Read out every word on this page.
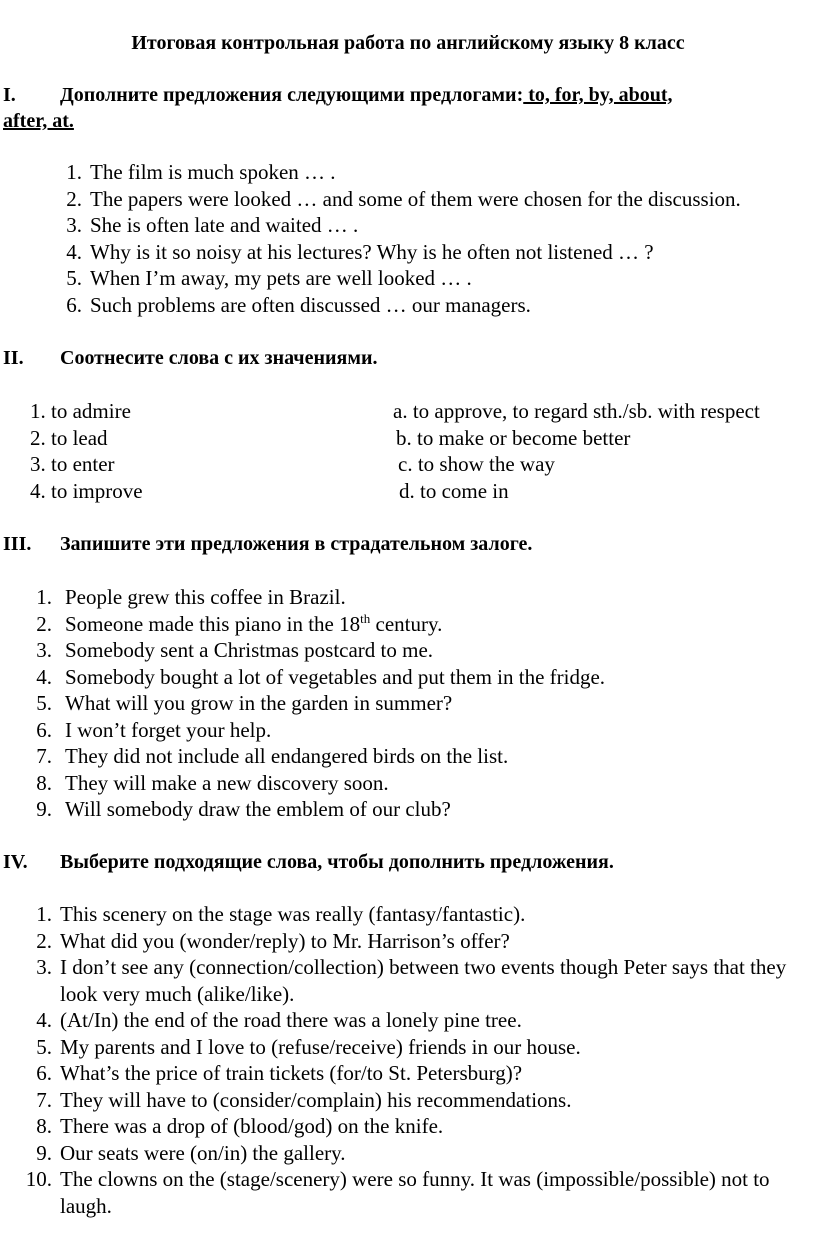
Итоговая контрольная работа по английскому языку 8 класс
I. Дополните предложения следующими предлогами: to, for, by, about,
after, at.
1. The film is much spoken … .
2. The papers were looked … and some of them were chosen for the discussion.
3. She is often late and waited … .
4. Why is it so noisy at his lectures? Why is he often not listened … ?
5. When I’m away, my pets are well looked … .
6. Such problems are often discussed … our managers.
II. Соотнесите слова с их значениями.
1. to admire	a. to approve, to regard sth./sb. with respect
2. to lead	b. to make or become better
3. to enter	c. to show the way
4. to improve	d. to come in
III. Запишите эти предложения в страдательном залоге.
1. People grew this coffee in Brazil.
2. Someone made this piano in the 18th century.
3. Somebody sent a Christmas postcard to me.
4. Somebody bought a lot of vegetables and put them in the fridge.
5. What will you grow in the garden in summer?
6. I won’t forget your help.
7. They did not include all endangered birds on the list.
8. They will make a new discovery soon.
9. Will somebody draw the emblem of our club?
IV. Выберите подходящие слова, чтобы дополнить предложения.
1. This scenery on the stage was really (fantasy/fantastic).
2. What did you (wonder/reply) to Mr. Harrison’s offer?
3. I don’t see any (connection/collection) between two events though Peter says that they look very much (alike/like).
4. (At/In) the end of the road there was a lonely pine tree.
5. My parents and I love to (refuse/receive) friends in our house.
6. What’s the price of train tickets (for/to St. Petersburg)?
7. They will have to (consider/complain) his recommendations.
8. There was a drop of (blood/god) on the knife.
9. Our seats were (on/in) the gallery.
10. The clowns on the (stage/scenery) were so funny. It was (impossible/possible) not to laugh.
